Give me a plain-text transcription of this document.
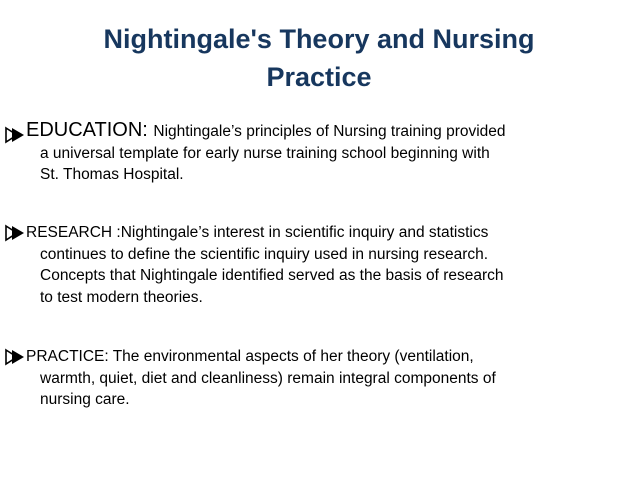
Nightingale's Theory and Nursing
Practice
EDUCATION: Nightingale’s principles of Nursing training provided
a universal template for early nurse training school beginning with
St. Thomas Hospital.
RESEARCH :Nightingale’s interest in scientific inquiry and statistics
continues to define the scientific inquiry used in nursing research.
Concepts that Nightingale identified served as the basis of research
to test modern theories.
PRACTICE: The environmental aspects of her theory (ventilation,
warmth, quiet, diet and cleanliness) remain integral components of
nursing care.
